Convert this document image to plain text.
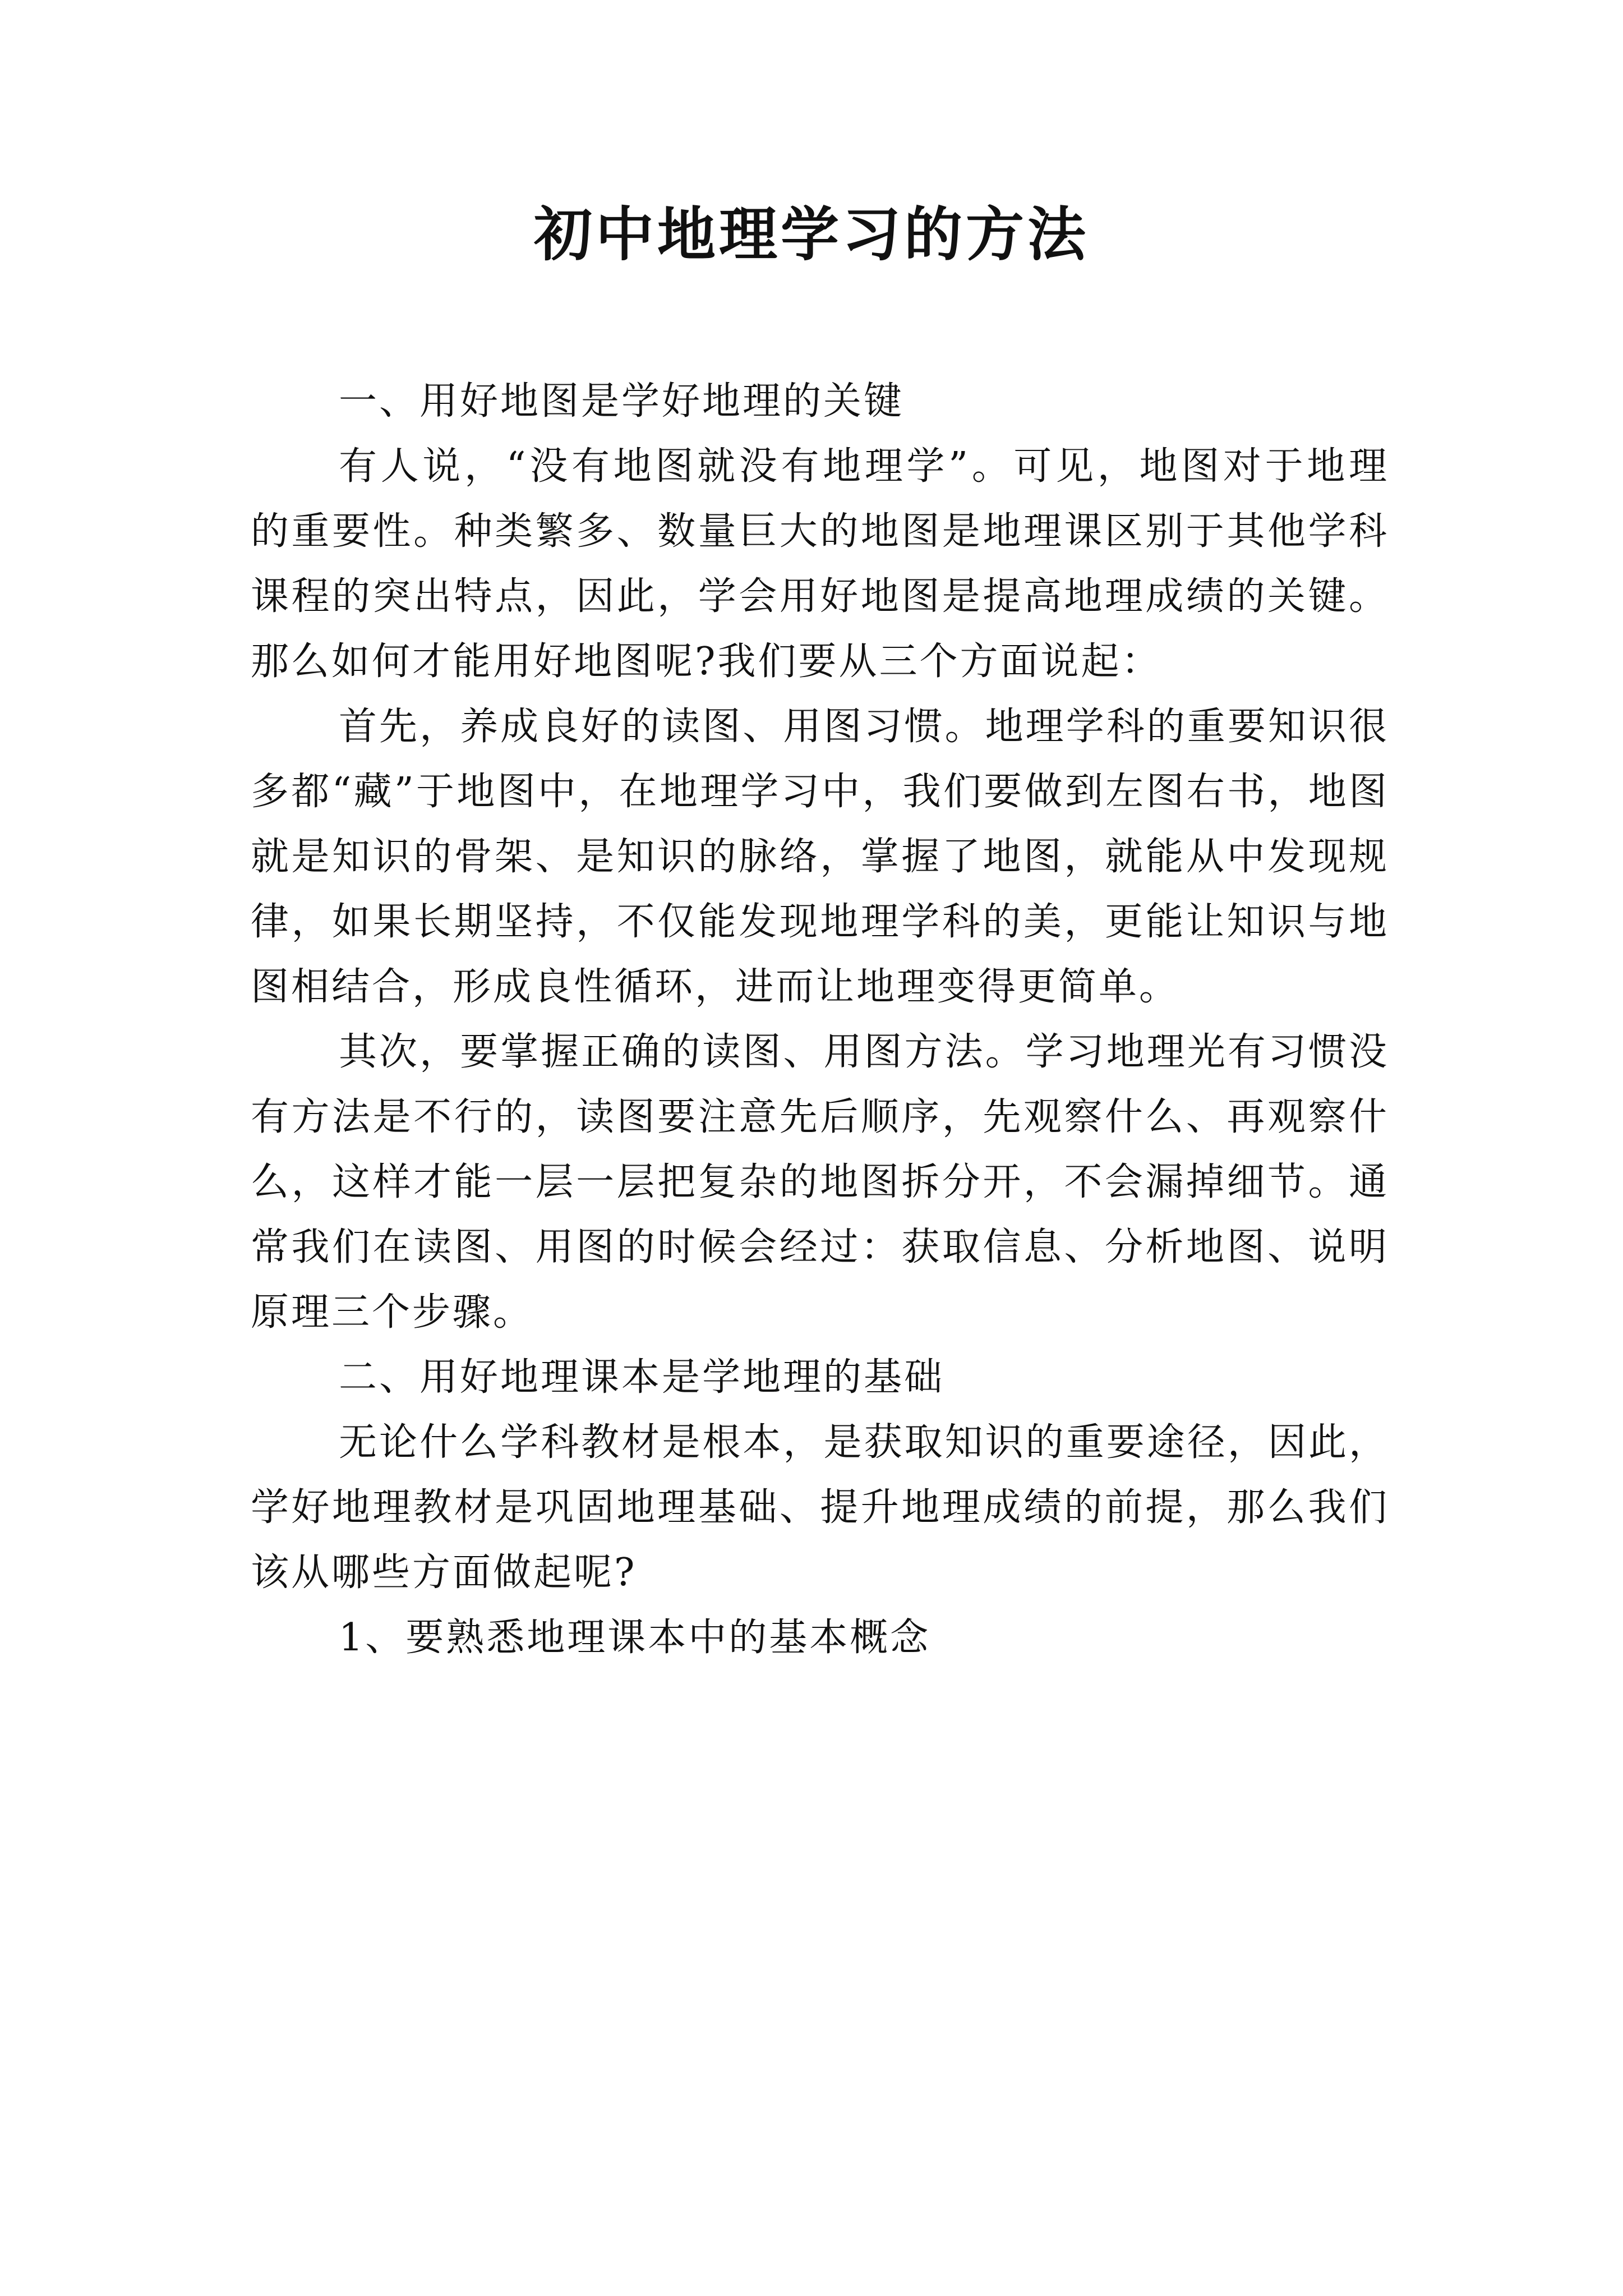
初中地理学习的方法

一、用好地图是学好地理的关键

有人说，“没有地图就没有地理学”。可见，地图对于地理的重要性。种类繁多、数量巨大的地图是地理课区别于其他学科课程的突出特点，因此，学会用好地图是提高地理成绩的关键。那么如何才能用好地图呢?我们要从三个方面说起：

首先，养成良好的读图、用图习惯。地理学科的重要知识很多都“藏”于地图中，在地理学习中，我们要做到左图右书，地图就是知识的骨架、是知识的脉络，掌握了地图，就能从中发现规律，如果长期坚持，不仅能发现地理学科的美，更能让知识与地图相结合，形成良性循环，进而让地理变得更简单。

其次，要掌握正确的读图、用图方法。学习地理光有习惯没有方法是不行的，读图要注意先后顺序，先观察什么、再观察什么，这样才能一层一层把复杂的地图拆分开，不会漏掉细节。通常我们在读图、用图的时候会经过：获取信息、分析地图、说明原理三个步骤。

二、用好地理课本是学地理的基础

无论什么学科教材是根本，是获取知识的重要途径，因此，学好地理教材是巩固地理基础、提升地理成绩的前提，那么我们该从哪些方面做起呢?

1、要熟悉地理课本中的基本概念
